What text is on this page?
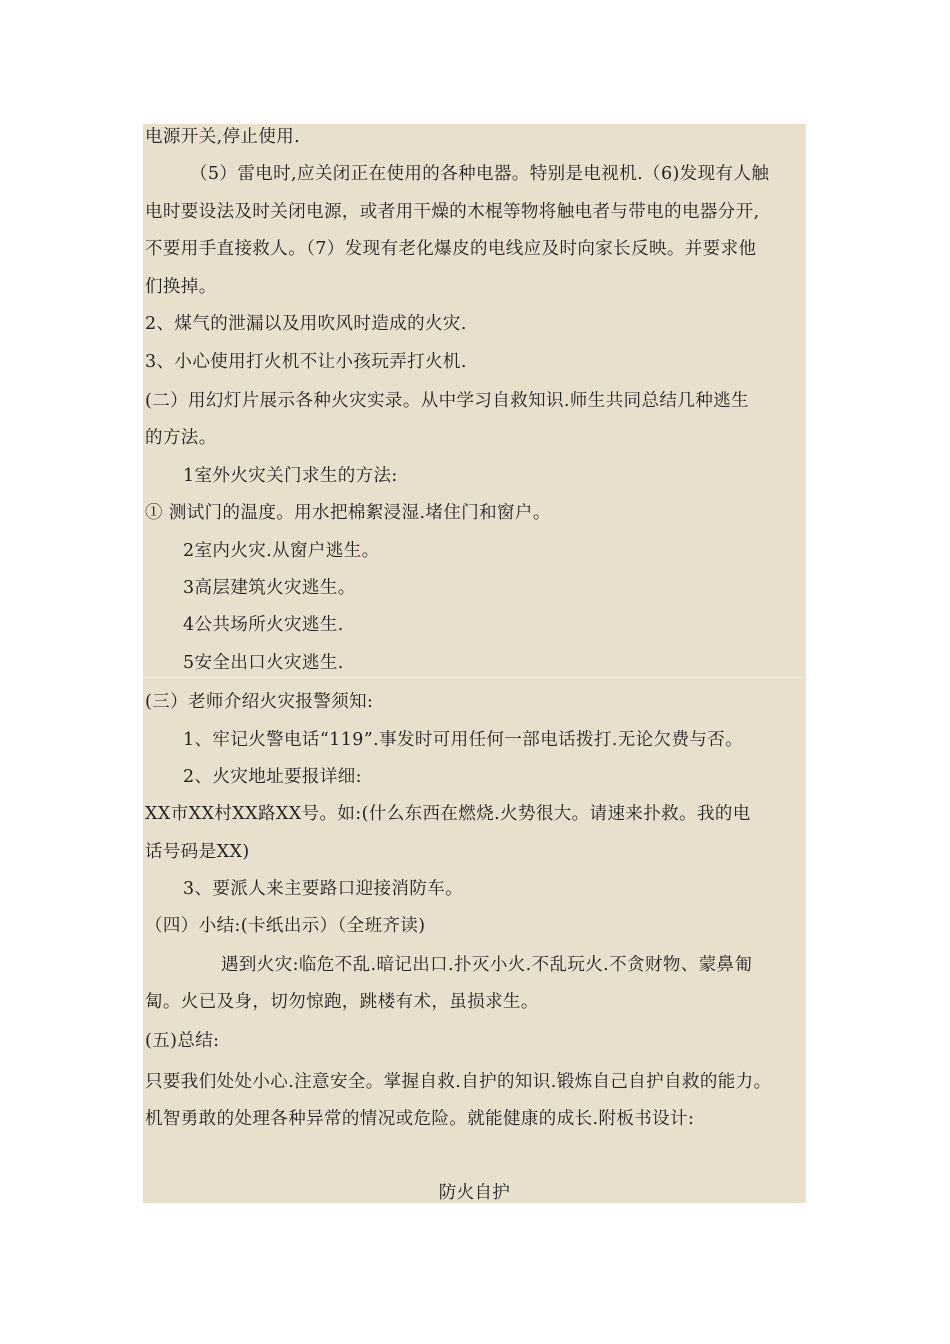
电源开关,停止使用.
（5）雷电时,应关闭正在使用的各种电器。特别是电视机.（6)发现有人触
电时要设法及时关闭电源，或者用干燥的木棍等物将触电者与带电的电器分开,
不要用手直接救人。（7）发现有老化爆皮的电线应及时向家长反映。并要求他
们换掉。
2、煤气的泄漏以及用吹风时造成的火灾.
3、小心使用打火机不让小孩玩弄打火机.
(二）用幻灯片展示各种火灾实录。从中学习自救知识.师生共同总结几种逃生
的方法。
1室外火灾关门求生的方法:
① 测试门的温度。用水把棉絮浸湿.堵住门和窗户。
2室内火灾.从窗户逃生。
3高层建筑火灾逃生。
4公共场所火灾逃生.
5安全出口火灾逃生.
(三）老师介绍火灾报警须知:
1、牢记火警电话“119”.事发时可用任何一部电话拨打.无论欠费与否。
2、火灾地址要报详细:
XX市XX村XX路XX号。如:(什么东西在燃烧.火势很大。请速来扑救。我的电
话号码是XX)
3、要派人来主要路口迎接消防车。
（四）小结:(卡纸出示）（全班齐读)
遇到火灾:临危不乱.暗记出口.扑灭小火.不乱玩火.不贪财物、蒙鼻匍
匐。火已及身，切勿惊跑，跳楼有术，虽损求生。
(五)总结:
只要我们处处小心.注意安全。掌握自救.自护的知识.锻炼自己自护自救的能力。
机智勇敢的处理各种异常的情况或危险。就能健康的成长.附板书设计:
防火自护
